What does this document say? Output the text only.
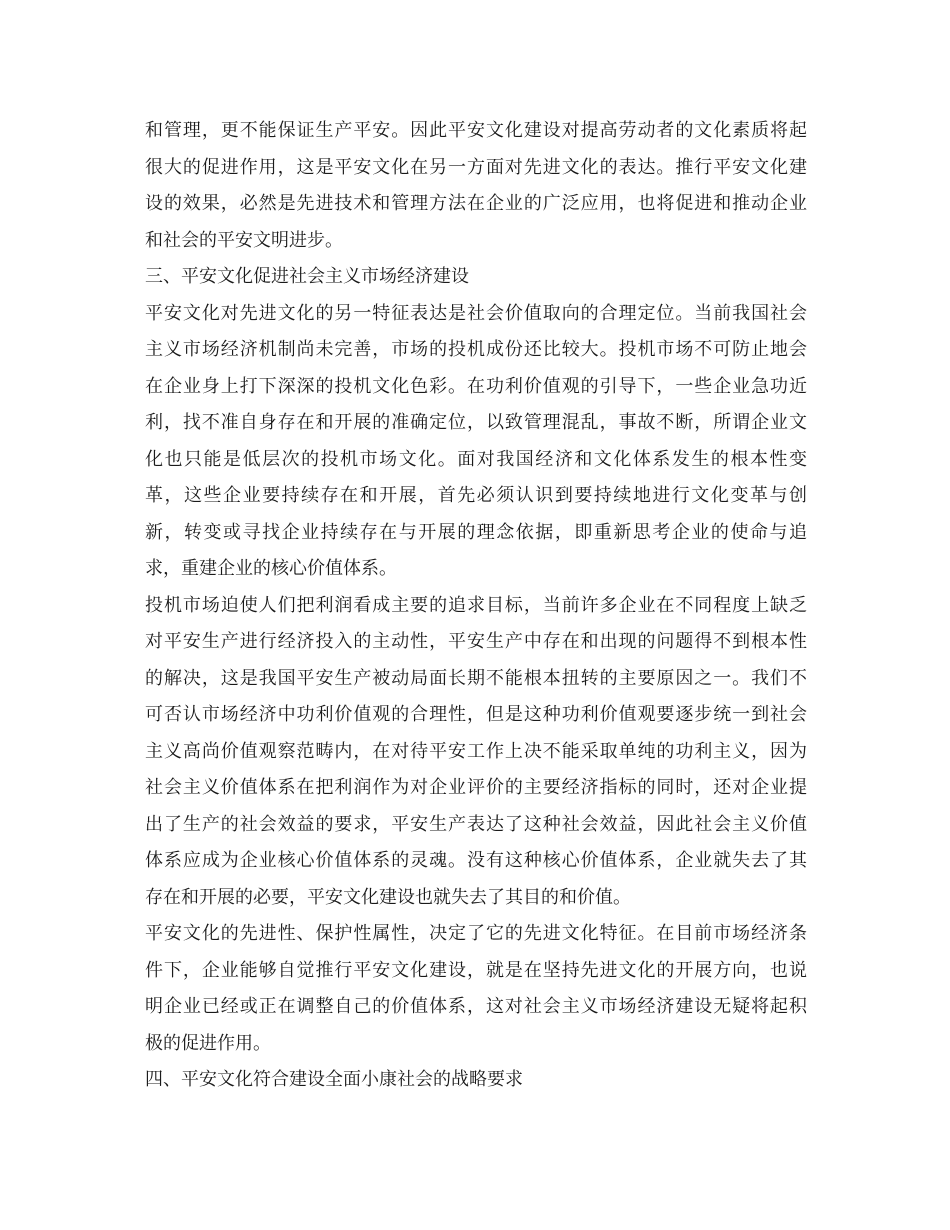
和管理，更不能保证生产平安。因此平安文化建设对提高劳动者的文化素质将起
很大的促进作用，这是平安文化在另一方面对先进文化的表达。推行平安文化建
设的效果，必然是先进技术和管理方法在企业的广泛应用，也将促进和推动企业
和社会的平安文明进步。
三、平安文化促进社会主义市场经济建设
平安文化对先进文化的另一特征表达是社会价值取向的合理定位。当前我国社会
主义市场经济机制尚未完善，市场的投机成份还比较大。投机市场不可防止地会
在企业身上打下深深的投机文化色彩。在功利价值观的引导下，一些企业急功近
利，找不准自身存在和开展的准确定位，以致管理混乱，事故不断，所谓企业文
化也只能是低层次的投机市场文化。面对我国经济和文化体系发生的根本性变
革，这些企业要持续存在和开展，首先必须认识到要持续地进行文化变革与创
新，转变或寻找企业持续存在与开展的理念依据，即重新思考企业的使命与追
求，重建企业的核心价值体系。
投机市场迫使人们把利润看成主要的追求目标，当前许多企业在不同程度上缺乏
对平安生产进行经济投入的主动性，平安生产中存在和出现的问题得不到根本性
的解决，这是我国平安生产被动局面长期不能根本扭转的主要原因之一。我们不
可否认市场经济中功利价值观的合理性，但是这种功利价值观要逐步统一到社会
主义高尚价值观察范畴内，在对待平安工作上决不能采取单纯的功利主义，因为
社会主义价值体系在把利润作为对企业评价的主要经济指标的同时，还对企业提
出了生产的社会效益的要求，平安生产表达了这种社会效益，因此社会主义价值
体系应成为企业核心价值体系的灵魂。没有这种核心价值体系，企业就失去了其
存在和开展的必要，平安文化建设也就失去了其目的和价值。
平安文化的先进性、保护性属性，决定了它的先进文化特征。在目前市场经济条
件下，企业能够自觉推行平安文化建设，就是在坚持先进文化的开展方向，也说
明企业已经或正在调整自己的价值体系，这对社会主义市场经济建设无疑将起积
极的促进作用。
四、平安文化符合建设全面小康社会的战略要求
